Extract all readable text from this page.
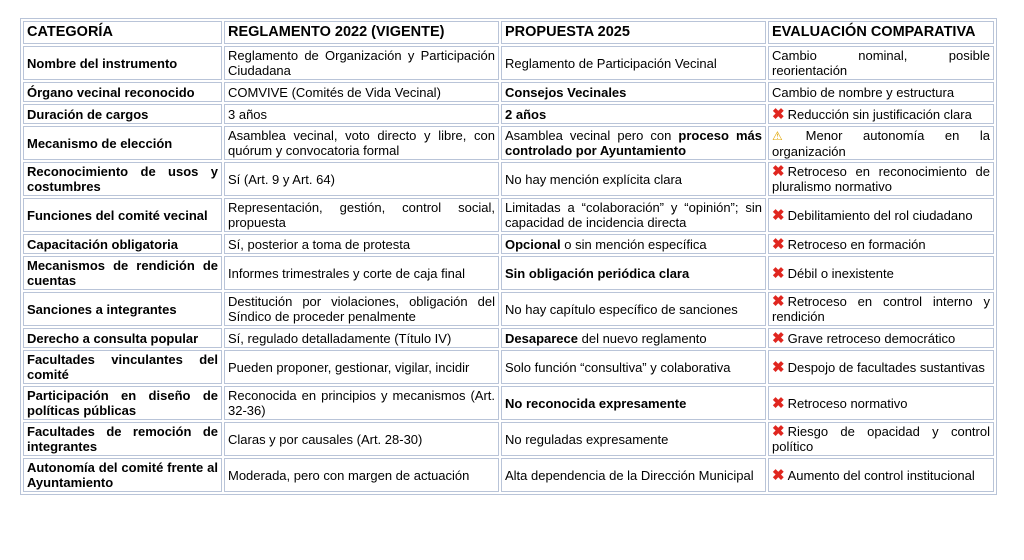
CATEGORÍA	REGLAMENTO 2022 (VIGENTE)	PROPUESTA 2025	EVALUACIÓN COMPARATIVA
Nombre del instrumento	Reglamento de Organización y Participación Ciudadana	Reglamento de Participación Vecinal	Cambio nominal, posible reorientación
Órgano vecinal reconocido	COMVIVE (Comités de Vida Vecinal)	Consejos Vecinales	Cambio de nombre y estructura
Duración de cargos	3 años	2 años	✖ Reducción sin justificación clara
Mecanismo de elección	Asamblea vecinal, voto directo y libre, con quórum y convocatoria formal	Asamblea vecinal pero con proceso más controlado por Ayuntamiento	⚠ Menor autonomía en la organización
Reconocimiento de usos y costumbres	Sí (Art. 9 y Art. 64)	No hay mención explícita clara	✖ Retroceso en reconocimiento de pluralismo normativo
Funciones del comité vecinal	Representación, gestión, control social, propuesta	Limitadas a “colaboración” y “opinión”; sin capacidad de incidencia directa	✖ Debilitamiento del rol ciudadano
Capacitación obligatoria	Sí, posterior a toma de protesta	Opcional o sin mención específica	✖ Retroceso en formación
Mecanismos de rendición de cuentas	Informes trimestrales y corte de caja final	Sin obligación periódica clara	✖ Débil o inexistente
Sanciones a integrantes	Destitución por violaciones, obligación del Síndico de proceder penalmente	No hay capítulo específico de sanciones	✖ Retroceso en control interno y rendición
Derecho a consulta popular	Sí, regulado detalladamente (Título IV)	Desaparece del nuevo reglamento	✖ Grave retroceso democrático
Facultades vinculantes del comité	Pueden proponer, gestionar, vigilar, incidir	Solo función “consultiva” y colaborativa	✖ Despojo de facultades sustantivas
Participación en diseño de políticas públicas	Reconocida en principios y mecanismos (Art. 32-36)	No reconocida expresamente	✖ Retroceso normativo
Facultades de remoción de integrantes	Claras y por causales (Art. 28-30)	No reguladas expresamente	✖ Riesgo de opacidad y control político
Autonomía del comité frente al Ayuntamiento	Moderada, pero con margen de actuación	Alta dependencia de la Dirección Municipal	✖ Aumento del control institucional
